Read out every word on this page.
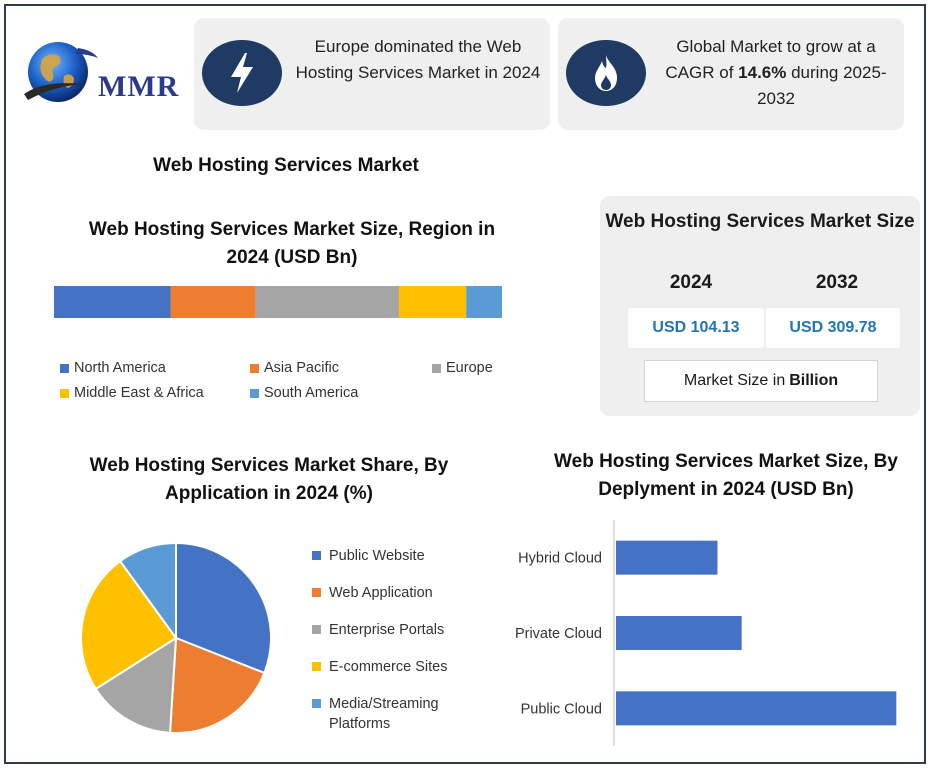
MMR
Europe dominated the Web Hosting Services Market in 2024
Global Market to grow at a CAGR of 14.6% during 2025-2032
Web Hosting Services Market
Web Hosting Services Market Size, Region in 2024 (USD Bn)
North America	Asia Pacific	Europe
Middle East & Africa	South America
Web Hosting Services Market Size
2024	2032
USD 104.13	USD 309.78
Market Size in Billion
Web Hosting Services Market Share, By Application in 2024 (%)
Public Website
Web Application
Enterprise Portals
E-commerce Sites
Media/Streaming
Platforms
Web Hosting Services Market Size, By Deplyment in 2024 (USD Bn)
Hybrid Cloud
Private Cloud
Public Cloud
